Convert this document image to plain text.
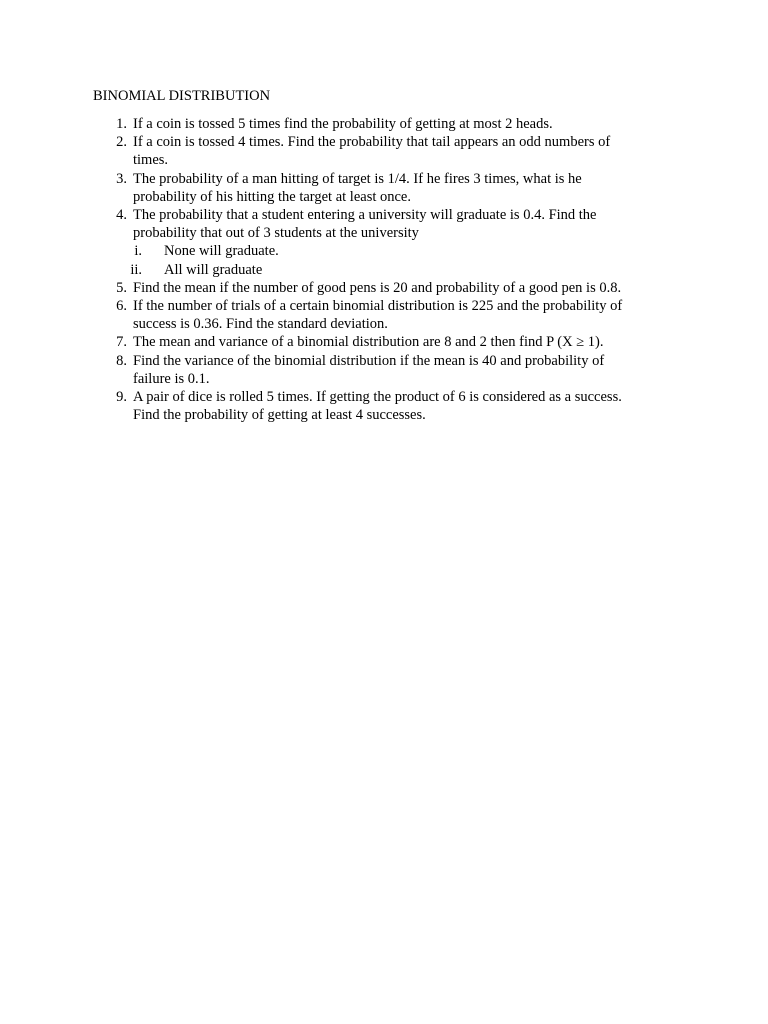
BINOMIAL DISTRIBUTION
1. If a coin is tossed 5 times find the probability of getting at most 2 heads.
2. If a coin is tossed 4 times. Find the probability that tail appears an odd numbers of
times.
3. The probability of a man hitting of target is 1/4. If he fires 3 times, what is he
probability of his hitting the target at least once.
4. The probability that a student entering a university will graduate is 0.4. Find the
probability that out of 3 students at the university
i.	None will graduate.
ii.	All will graduate
5. Find the mean if the number of good pens is 20 and probability of a good pen is 0.8.
6. If the number of trials of a certain binomial distribution is 225 and the probability of
success is 0.36. Find the standard deviation.
7. The mean and variance of a binomial distribution are 8 and 2 then find P (X ≥ 1).
8. Find the variance of the binomial distribution if the mean is 40 and probability of
failure is 0.1.
9. A pair of dice is rolled 5 times. If getting the product of 6 is considered as a success.
Find the probability of getting at least 4 successes.
